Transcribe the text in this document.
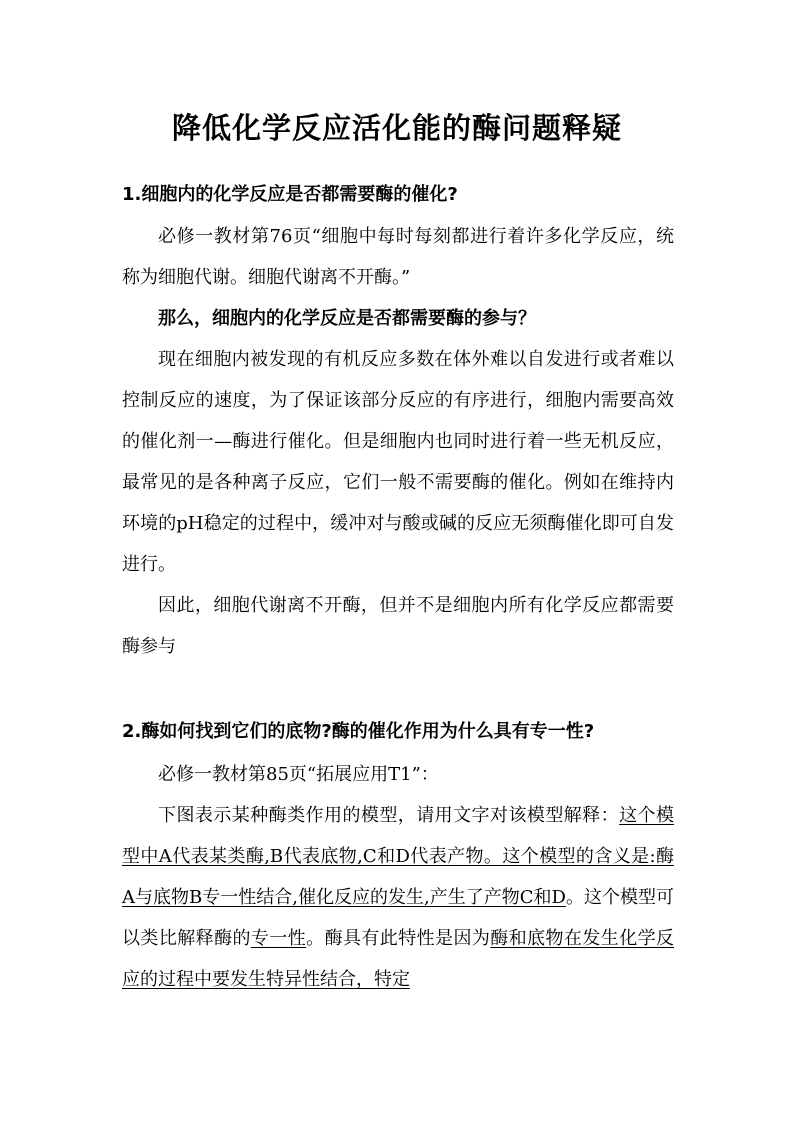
降低化学反应活化能的酶问题释疑
1.细胞内的化学反应是否都需要酶的催化?
必修一教材第76页“细胞中每时每刻都进行着许多化学反应，统称为细胞代谢。细胞代谢离不开酶。”
那么，细胞内的化学反应是否都需要酶的参与？
现在细胞内被发现的有机反应多数在体外难以自发进行或者难以控制反应的速度，为了保证该部分反应的有序进行，细胞内需要高效的催化剂一—酶进行催化。但是细胞内也同时进行着一些无机反应，最常见的是各种离子反应，它们一般不需要酶的催化。例如在维持内环境的pH稳定的过程中，缓冲对与酸或碱的反应无须酶催化即可自发进行。
因此，细胞代谢离不开酶，但并不是细胞内所有化学反应都需要酶参与
2.酶如何找到它们的底物?酶的催化作用为什么具有专一性?
必修一教材第85页“拓展应用T1”：
下图表示某种酶类作用的模型，请用文字对该模型解释：这个模型中A代表某类酶,B代表底物,C和D代表产物。这个模型的含义是:酶A与底物B专一性结合,催化反应的发生,产生了产物C和D。这个模型可以类比解释酶的专一性。酶具有此特性是因为酶和底物在发生化学反应的过程中要发生特异性结合，特定
